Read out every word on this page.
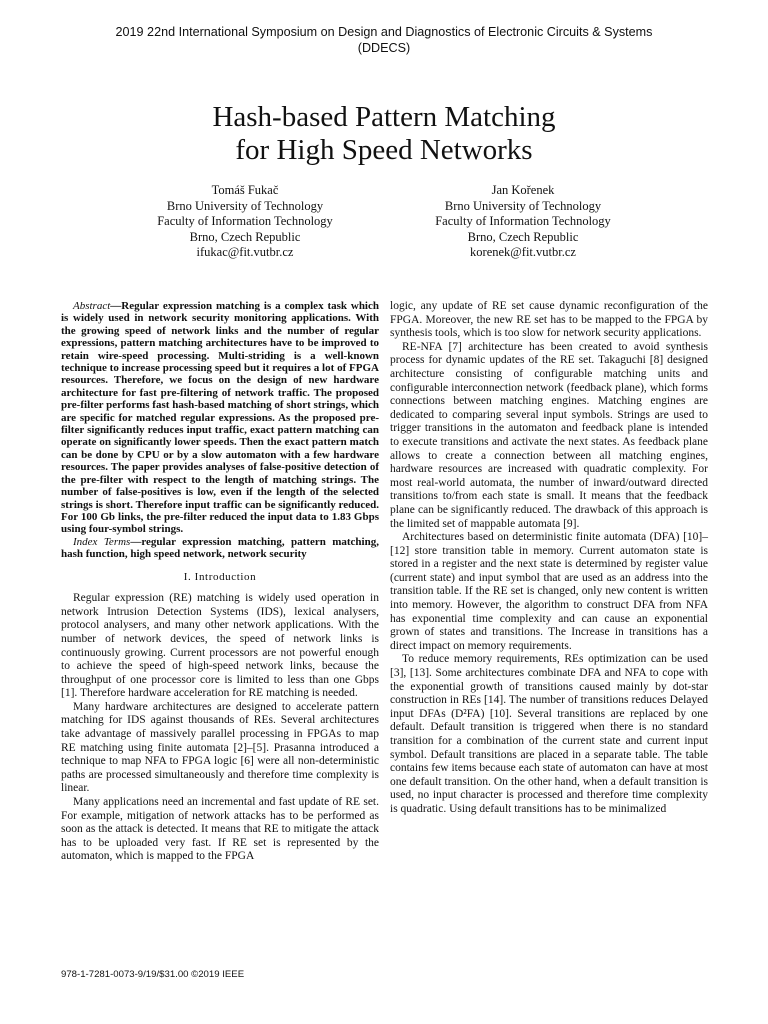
2019 22nd International Symposium on Design and Diagnostics of Electronic Circuits & Systems
(DDECS)
Hash-based Pattern Matching
for High Speed Networks
Tomáš Fukač
Brno University of Technology
Faculty of Information Technology
Brno, Czech Republic
ifukac@fit.vutbr.cz
Jan Kořenek
Brno University of Technology
Faculty of Information Technology
Brno, Czech Republic
korenek@fit.vutbr.cz

Abstract—Regular expression matching is a complex task which is widely used in network security monitoring applications. With the growing speed of network links and the number of regular expressions, pattern matching architectures have to be improved to retain wire-speed processing. Multi-striding is a well-known technique to increase processing speed but it requires a lot of FPGA resources. Therefore, we focus on the design of new hardware architecture for fast pre-filtering of network traffic. The proposed pre-filter performs fast hash-based matching of short strings, which are specific for matched regular expressions. As the proposed pre-filter significantly reduces input traffic, exact pattern matching can operate on significantly lower speeds. Then the exact pattern match can be done by CPU or by a slow automaton with a few hardware resources. The paper provides analyses of false-positive detection of the pre-filter with respect to the length of matching strings. The number of false-positives is low, even if the length of the selected strings is short. Therefore input traffic can be significantly reduced. For 100 Gb links, the pre-filter reduced the input data to 1.83 Gbps using four-symbol strings.

Index Terms—regular expression matching, pattern matching, hash function, high speed network, network security

I. Introduction

Regular expression (RE) matching is widely used operation in network Intrusion Detection Systems (IDS), lexical analysers, protocol analysers, and many other network applications. With the number of network devices, the speed of network links is continuously growing. Current processors are not powerful enough to achieve the speed of high-speed network links, because the throughput of one processor core is limited to less than one Gbps [1]. Therefore hardware acceleration for RE matching is needed.

Many hardware architectures are designed to accelerate pattern matching for IDS against thousands of REs. Several architectures take advantage of massively parallel processing in FPGAs to map RE matching using finite automata [2]–[5]. Prasanna introduced a technique to map NFA to FPGA logic [6] were all non-deterministic paths are processed simultaneously and therefore time complexity is linear.

Many applications need an incremental and fast update of RE set. For example, mitigation of network attacks has to be performed as soon as the attack is detected. It means that RE to mitigate the attack has to be uploaded very fast. If RE set is represented by the automaton, which is mapped to the FPGA

logic, any update of RE set cause dynamic reconfiguration of the FPGA. Moreover, the new RE set has to be mapped to the FPGA by synthesis tools, which is too slow for network security applications.

RE-NFA [7] architecture has been created to avoid synthesis process for dynamic updates of the RE set. Takaguchi [8] designed architecture consisting of configurable matching units and configurable interconnection network (feedback plane), which forms connections between matching engines. Matching engines are dedicated to comparing several input symbols. Strings are used to trigger transitions in the automaton and feedback plane is intended to execute transitions and activate the next states. As feedback plane allows to create a connection between all matching engines, hardware resources are increased with quadratic complexity. For most real-world automata, the number of inward/outward directed transitions to/from each state is small. It means that the feedback plane can be significantly reduced. The drawback of this approach is the limited set of mappable automata [9].

Architectures based on deterministic finite automata (DFA) [10]–[12] store transition table in memory. Current automaton state is stored in a register and the next state is determined by register value (current state) and input symbol that are used as an address into the transition table. If the RE set is changed, only new content is written into memory. However, the algorithm to construct DFA from NFA has exponential time complexity and can cause an exponential grown of states and transitions. The Increase in transitions has a direct impact on memory requirements.

To reduce memory requirements, REs optimization can be used [3], [13]. Some architectures combinate DFA and NFA to cope with the exponential growth of transitions caused mainly by dot-star construction in REs [14]. The number of transitions reduces Delayed input DFAs (D²FA) [10]. Several transitions are replaced by one default. Default transition is triggered when there is no standard transition for a combination of the current state and current input symbol. Default transitions are placed in a separate table. The table contains few items because each state of automaton can have at most one default transition. On the other hand, when a default transition is used, no input character is processed and therefore time complexity is quadratic. Using default transitions has to be minimalized

978-1-7281-0073-9/19/$31.00 ©2019 IEEE
